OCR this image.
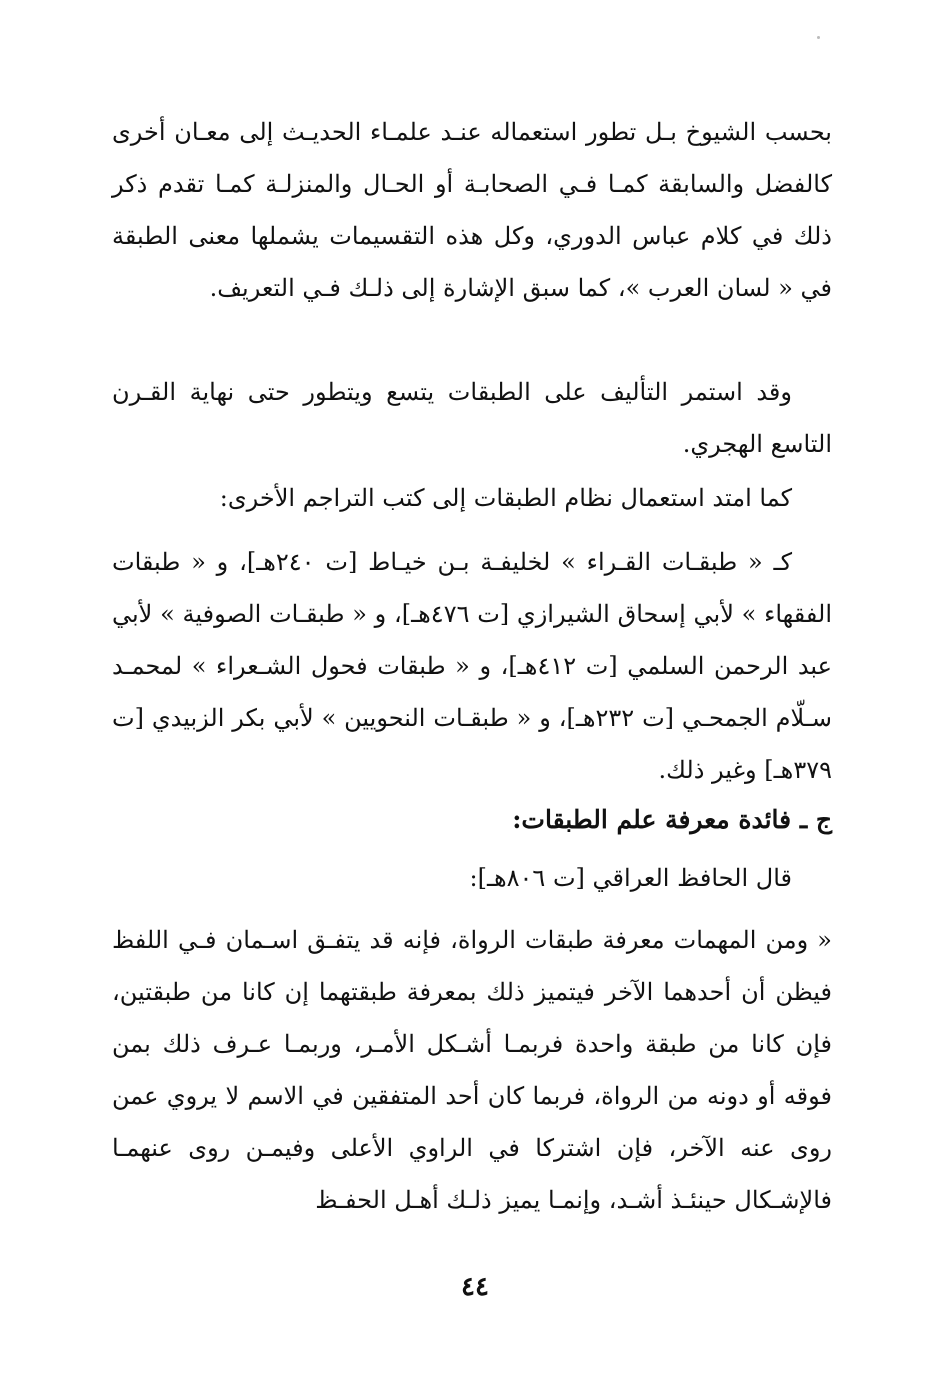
بحسب الشيوخ بـل تطور استعماله عنـد علمـاء الحديـث إلى معـان أخرى كالفضل والسابقة كمـا فـي الصحابـة أو الحـال والمنزلـة كمـا تقدم ذكر ذلك في كلام عباس الدوري، وكل هذه التقسيمات يشملها معنى الطبقة في « لسان العرب »، كما سبق الإشارة إلى ذلـك فـي التعريف.
وقد استمر التأليف على الطبقات يتسع ويتطور حتى نهاية القـرن التاسع الهجري.
كما امتد استعمال نظام الطبقات إلى كتب التراجم الأخرى:
كـ « طبقـات القـراء » لخليفـة بـن خيـاط [ت ٢٤٠هـ]، و « طبقات الفقهاء » لأبي إسحاق الشيرازي [ت ٤٧٦هـ]، و « طبقـات الصوفية » لأبي عبد الرحمن السلمي [ت ٤١٢هـ]، و « طبقات فحول الشـعراء » لمحمـد سـلّام الجمحـي [ت ٢٣٢هـ]، و « طبقـات النحويين » لأبي بكر الزبيدي [ت ٣٧٩هـ] وغير ذلك.
ج ـ فائدة معرفة علم الطبقات:
قال الحافظ العراقي [ت ٨٠٦هـ]:
« ومن المهمات معرفة طبقات الرواة، فإنه قد يتفـق اسـمان فـي اللفظ فيظن أن أحدهما الآخر فيتميز ذلك بمعرفة طبقتهما إن كانا من طبقتين، فإن كانا من طبقة واحدة فربمـا أشـكل الأمـر، وربمـا عـرف ذلك بمن فوقه أو دونه من الرواة، فربما كان أحد المتفقين في الاسم لا يروي عمن روى عنه الآخر، فإن اشتركا في الراوي الأعلى وفيمـن روى عنهمـا فالإشـكال حينئـذ أشـد، وإنمـا يميز ذلـك أهـل الحفـظ
٤٤
